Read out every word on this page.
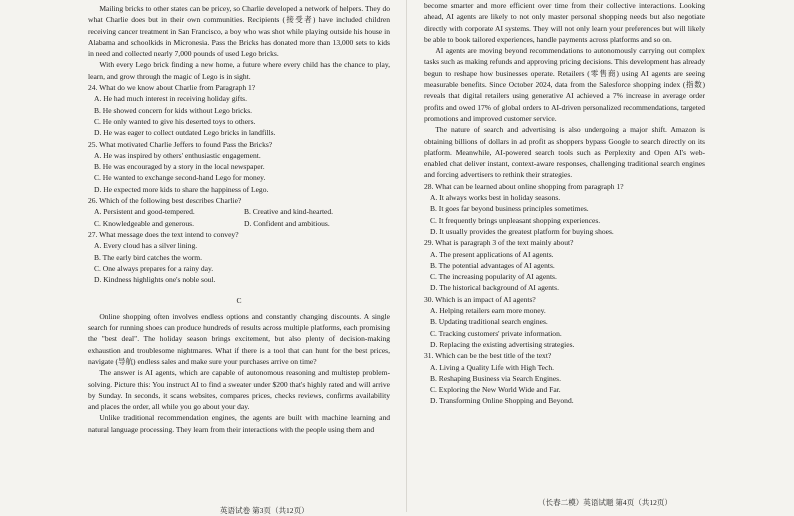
Mailing bricks to other states can be pricey, so Charlie developed a network of helpers. They do what Charlie does but in their own communities. Recipients (接受者) have included children receiving cancer treatment in San Francisco, a boy who was shot while playing outside his house in Alabama and schoolkids in Micronesia. Pass the Bricks has donated more than 13,000 sets to kids in need and collected nearly 7,000 pounds of used Lego bricks.

With every Lego brick finding a new home, a future where every child has the chance to play, learn, and grow through the magic of Lego is in sight.

24. What do we know about Charlie from Paragraph 1?

A. He had much interest in receiving holiday gifts.

B. He showed concern for kids without Lego bricks.

C. He only wanted to give his deserted toys to others.

D. He was eager to collect outdated Lego bricks in landfills.

25. What motivated Charlie Jeffers to found Pass the Bricks?

A. He was inspired by others' enthusiastic engagement.

B. He was encouraged by a story in the local newspaper.

C. He wanted to exchange second-hand Lego for money.

D. He expected more kids to share the happiness of Lego.

26. Which of the following best describes Charlie?

A. Persistent and good-tempered.	B. Creative and kind-hearted.
C. Knowledgeable and generous.	D. Confident and ambitious.

27. What message does the text intend to convey?

A. Every cloud has a silver lining.

B. The early bird catches the worm.

C. One always prepares for a rainy day.

D. Kindness highlights one's noble soul.

C

Online shopping often involves endless options and constantly changing discounts. A single search for running shoes can produce hundreds of results across multiple platforms, each promising the "best deal". The holiday season brings excitement, but also plenty of decision-making exhaustion and troublesome nightmares. What if there is a tool that can hunt for the best prices, navigate (导航) endless sales and make sure your purchases arrive on time?

The answer is AI agents, which are capable of autonomous reasoning and multistep problem-solving. Picture this: You instruct AI to find a sweater under $200 that's highly rated and will arrive by Sunday. In seconds, it scans websites, compares prices, checks reviews, confirms availability and places the order, all while you go about your day.

Unlike traditional recommendation engines, the agents are built with machine learning and natural language processing. They learn from their interactions with the people using them and

英语试卷 第3页（共12页）

become smarter and more efficient over time from their collective interactions. Looking ahead, AI agents are likely to not only master personal shopping needs but also negotiate directly with corporate AI systems. They will not only learn your preferences but will likely be able to book tailored experiences, handle payments across platforms and so on.

AI agents are moving beyond recommendations to autonomously carrying out complex tasks such as making refunds and approving pricing decisions. This development has already begun to reshape how businesses operate. Retailers (零售商) using AI agents are seeing measurable benefits. Since October 2024, data from the Salesforce shopping index (指数) reveals that digital retailers using generative AI achieved a 7% increase in average order profits and owed 17% of global orders to AI-driven personalized recommendations, targeted promotions and improved customer service.

The nature of search and advertising is also undergoing a major shift. Amazon is obtaining billions of dollars in ad profit as shoppers bypass Google to search directly on its platform. Meanwhile, AI-powered search tools such as Perplexity and Open AI's web-enabled chat deliver instant, context-aware responses, challenging traditional search engines and forcing advertisers to rethink their strategies.

28. What can be learned about online shopping from paragraph 1?

A. It always works best in holiday seasons.

B. It goes far beyond business principles sometimes.

C. It frequently brings unpleasant shopping experiences.

D. It usually provides the greatest platform for buying shoes.

29. What is paragraph 3 of the text mainly about?

A. The present applications of AI agents.

B. The potential advantages of AI agents.

C. The increasing popularity of AI agents.

D. The historical background of AI agents.

30. Which is an impact of AI agents?

A. Helping retailers earn more money.

B. Updating traditional search engines.

C. Tracking customers' private information.

D. Replacing the existing advertising strategies.

31. Which can be the best title of the text?

A. Living a Quality Life with High Tech.

B. Reshaping Business via Search Engines.

C. Exploring the New World Wide and Far.

D. Transforming Online Shopping and Beyond.

（长春二模）英语试题 第4页（共12页）
